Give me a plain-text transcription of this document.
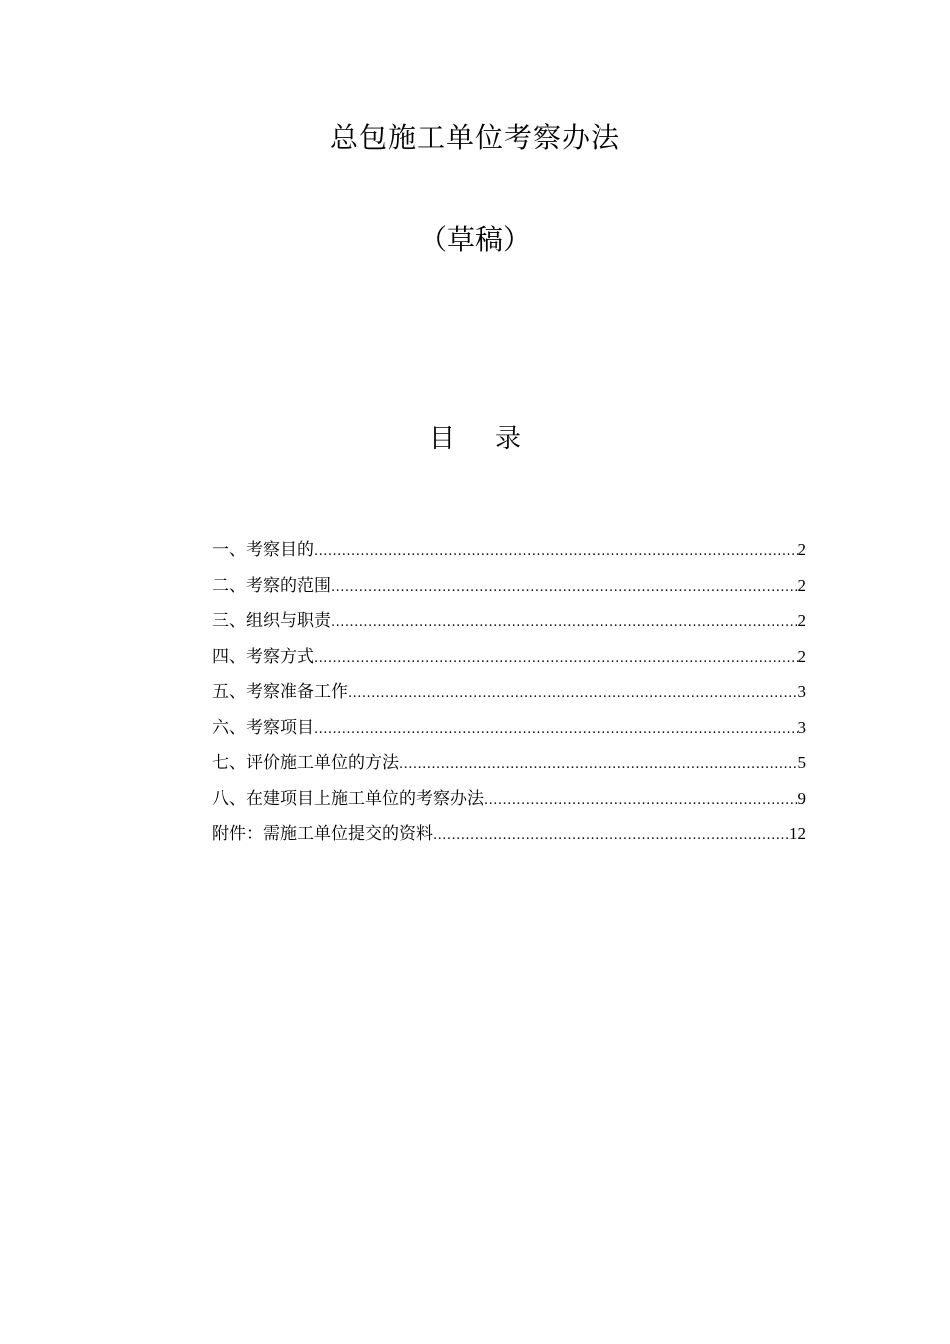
总包施工单位考察办法
（草稿）
目 录
一、考察目的 .....	2
二、考察的范围 .....	2
三、组织与职责 .....	2
四、考察方式 .....	2
五、考察准备工作 .....	3
六、考察项目 .....	3
七、评价施工单位的方法 .....	5
八、在建项目上施工单位的考察办法 .....	9
附件：需施工单位提交的资料 .....	12
